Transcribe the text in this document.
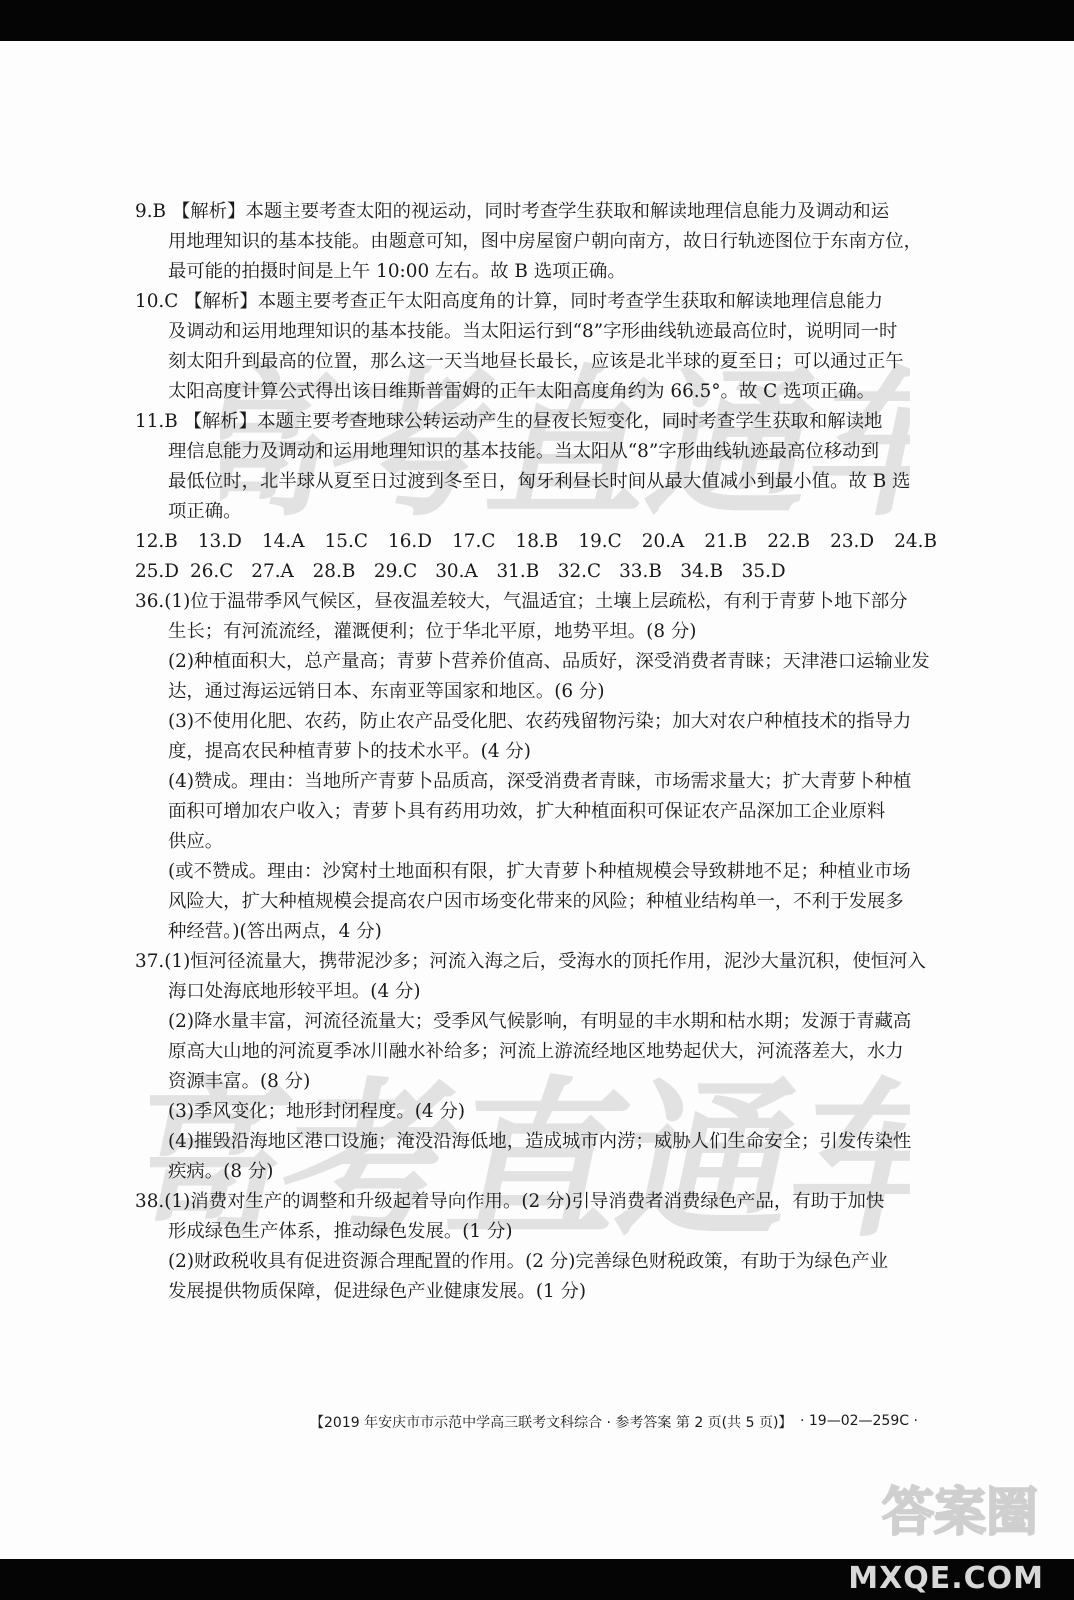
高考直通车
高考直通车
9.B 【解析】本题主要考查太阳的视运动，同时考查学生获取和解读地理信息能力及调动和运
用地理知识的基本技能。由题意可知，图中房屋窗户朝向南方，故日行轨迹图位于东南方位，
最可能的拍摄时间是上午 10:00 左右。故 B 选项正确。
10.C 【解析】本题主要考查正午太阳高度角的计算，同时考查学生获取和解读地理信息能力
及调动和运用地理知识的基本技能。当太阳运行到“8”字形曲线轨迹最高位时，说明同一时
刻太阳升到最高的位置，那么这一天当地昼长最长，应该是北半球的夏至日；可以通过正午
太阳高度计算公式得出该日维斯普雷姆的正午太阳高度角约为 66.5°。故 C 选项正确。
11.B 【解析】本题主要考查地球公转运动产生的昼夜长短变化，同时考查学生获取和解读地
理信息能力及调动和运用地理知识的基本技能。当太阳从“8”字形曲线轨迹最高位移动到
最低位时，北半球从夏至日过渡到冬至日，匈牙利昼长时间从最大值减小到最小值。故 B 选
项正确。
12.B 13.D 14.A 15.C 16.D 17.C 18.B 19.C 20.A 21.B 22.B 23.D 24.B
25.D 26.C 27.A	28.B	29.C 30.A	31.B	32.C 33.B	34.B	35.D
36.(1)位于温带季风气候区，昼夜温差较大，气温适宜；土壤上层疏松，有利于青萝卜地下部分
生长；有河流流经，灌溉便利；位于华北平原，地势平坦。(8 分)
(2)种植面积大，总产量高；青萝卜营养价值高、品质好，深受消费者青睐；天津港口运输业发
达，通过海运远销日本、东南亚等国家和地区。(6 分)
(3)不使用化肥、农药，防止农产品受化肥、农药残留物污染；加大对农户种植技术的指导力
度，提高农民种植青萝卜的技术水平。(4 分)
(4)赞成。理由：当地所产青萝卜品质高，深受消费者青睐，市场需求量大；扩大青萝卜种植
面积可增加农户收入；青萝卜具有药用功效，扩大种植面积可保证农产品深加工企业原料
供应。
(或不赞成。理由：沙窝村土地面积有限，扩大青萝卜种植规模会导致耕地不足；种植业市场
风险大，扩大种植规模会提高农户因市场变化带来的风险；种植业结构单一，不利于发展多
种经营。)(答出两点，4 分)
37.(1)恒河径流量大，携带泥沙多；河流入海之后，受海水的顶托作用，泥沙大量沉积，使恒河入
海口处海底地形较平坦。(4 分)
(2)降水量丰富，河流径流量大；受季风气候影响，有明显的丰水期和枯水期；发源于青藏高
原高大山地的河流夏季冰川融水补给多；河流上游流经地区地势起伏大，河流落差大，水力
资源丰富。(8 分)
(3)季风变化；地形封闭程度。(4 分)
(4)摧毁沿海地区港口设施；淹没沿海低地，造成城市内涝；威胁人们生命安全；引发传染性
疾病。(8 分)
38.(1)消费对生产的调整和升级起着导向作用。(2 分)引导消费者消费绿色产品，有助于加快
形成绿色生产体系，推动绿色发展。(1 分)
(2)财政税收具有促进资源合理配置的作用。(2 分)完善绿色财税政策，有助于为绿色产业
发展提供物质保障，促进绿色产业健康发展。(1 分)
【2019 年安庆市市示范中学高三联考文科综合 · 参考答案 第 2 页(共 5 页)】 · 19—02—259C ·
答案圈
MXQE.COM
